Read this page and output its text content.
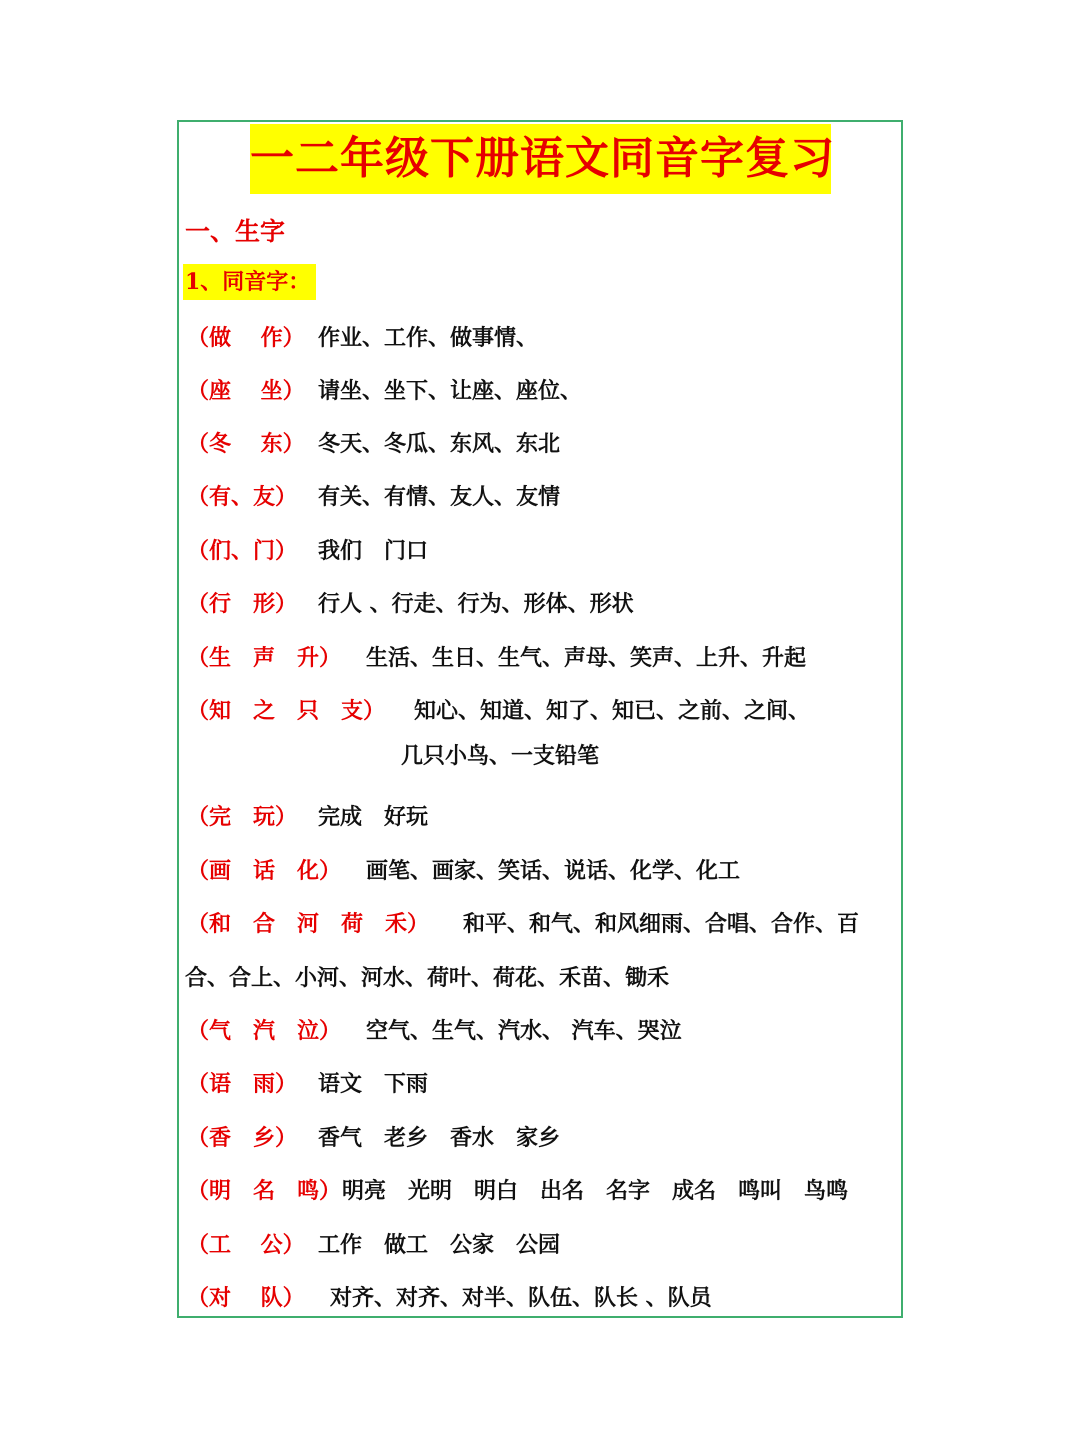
一二年级下册语文同音字复习
一、生字
1、同音字：
（做　 作） 作业、工作、做事情、
（座　 坐） 请坐、坐下、让座、座位、
（冬　 东） 冬天、冬瓜、东风、东北
（有、友） 有关、有情、友人、友情
（们、门） 我们　门口
（行　形） 行人 、行走、行为、形体、形状
（生　声　升） 生活、生日、生气、声母、笑声、上升、升起
（知　之　只　支） 知心、知道、知了、知已、之前、之间、
几只小鸟、一支铅笔
（完　玩） 完成　好玩
（画　话　化） 画笔、画家、笑话、说话、化学、化工
（和　合　河　荷　禾） 和平、和气、和风细雨、合唱、合作、百
合、合上、小河、河水、荷叶、荷花、禾苗、锄禾
（气　汽　泣） 空气、生气、汽水、 汽车、哭泣
（语　雨） 语文　下雨
（香　乡） 香气　老乡　香水　家乡
（明　名　鸣）明亮　光明　明白　出名　名字　成名　鸣叫　鸟鸣
（工　 公） 工作　做工　公家　公园
（对　 队） 对齐、对齐、对半、队伍、队长 、队员
